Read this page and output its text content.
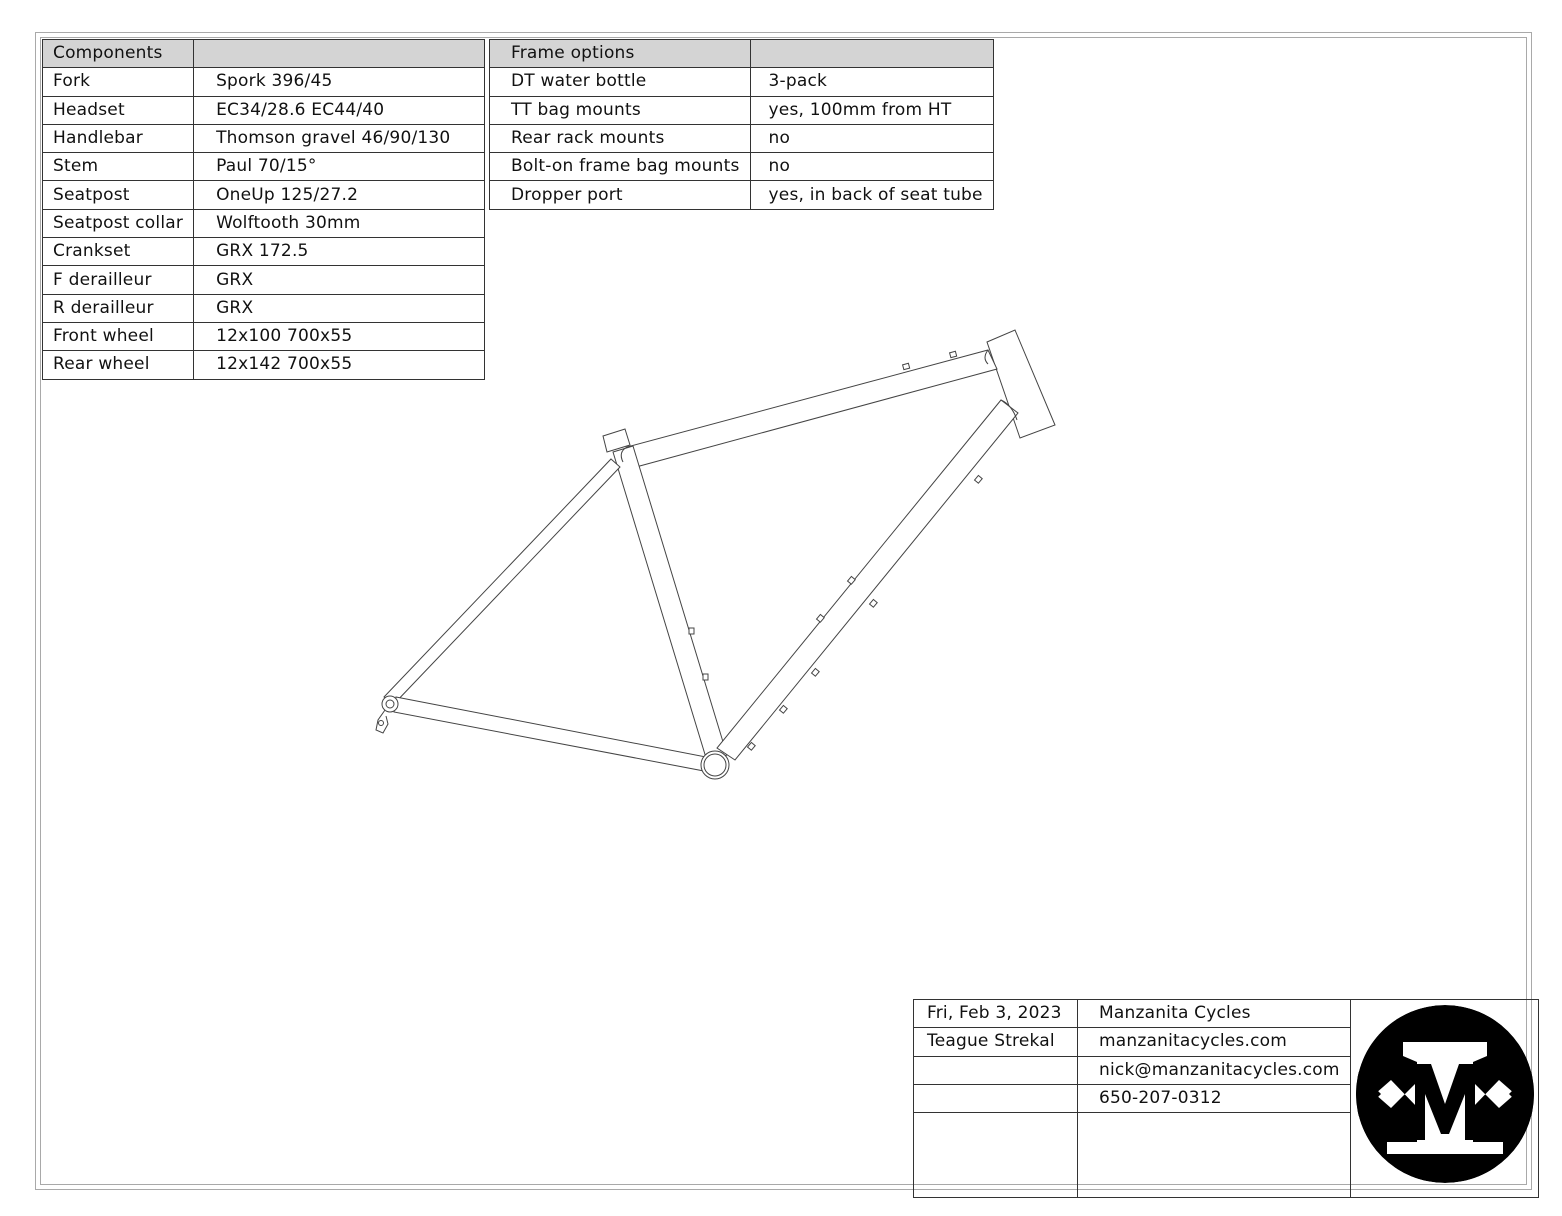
Components	
Fork	Spork 396/45
Headset	EC34/28.6 EC44/40
Handlebar	Thomson gravel 46/90/130
Stem	Paul 70/15°
Seatpost	OneUp 125/27.2
Seatpost collar	Wolftooth 30mm
Crankset	GRX 172.5
F derailleur	GRX
R derailleur	GRX
Front wheel	12x100 700x55
Rear wheel	12x142 700x55
Frame options	
DT water bottle	3-pack
TT bag mounts	yes, 100mm from HT
Rear rack mounts	no
Bolt-on frame bag mounts	no
Dropper port	yes, in back of seat tube
Fri, Feb 3, 2023	Manzanita Cycles	
Teague Strekal	manzanitacycles.com	
	nick@manzanitacycles.com	
	650-207-0312	
